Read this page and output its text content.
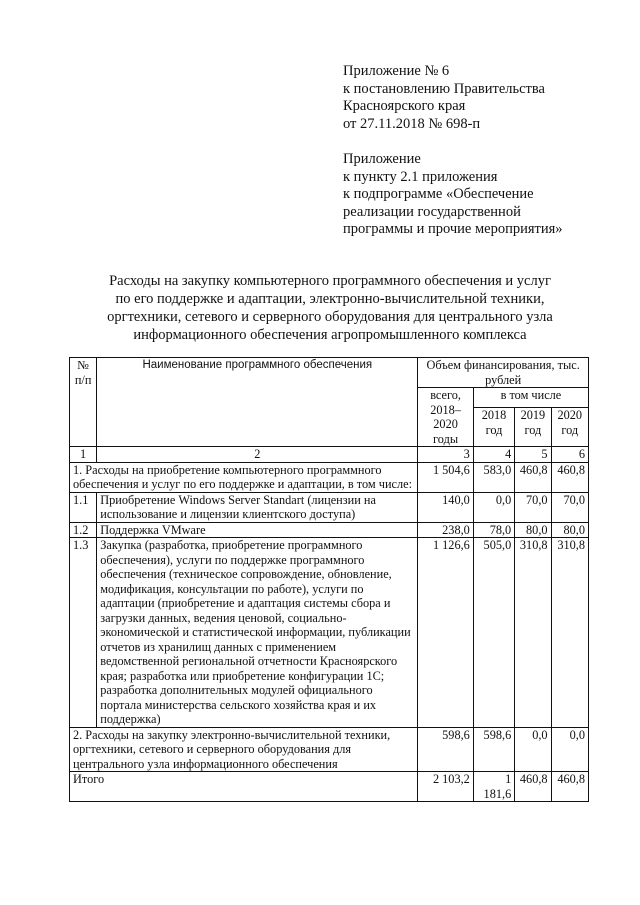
Приложение № 6
к постановлению Правительства
Красноярского края
от 27.11.2018 № 698-п
Приложение
к пункту 2.1 приложения
к подпрограмме «Обеспечение
реализации государственной
программы и прочие мероприятия»
Расходы на закупку компьютерного программного обеспечения и услуг
по его поддержке и адаптации, электронно-вычислительной техники,
оргтехники, сетевого и серверного оборудования для центрального узла
информационного обеспечения агропромышленного комплекса
№ п/п	Наименование программного обеспечения	Объем финансирования, тыс. рублей			
		всего, 2018–2020 годы	в том числе		
			2018 год	2019 год	2020 год
1	2	3	4	5	6
1. Расходы на приобретение компьютерного программного обеспечения и услуг по его поддержке и адаптации, в том числе:		1 504,6	583,0	460,8	460,8
1.1	Приобретение Windows Server Standart (лицензии на использование и лицензии клиентского доступа)	140,0	0,0	70,0	70,0
1.2	Поддержка VMware	238,0	78,0	80,0	80,0
1.3	Закупка (разработка, приобретение программного обеспечения), услуги по поддержке программного обеспечения (техническое сопровождение, обновление, модификация, консультации по работе), услуги по адаптации (приобретение и адаптация системы сбора и загрузки данных, ведения ценовой, социально-экономической и статистической информации, публикации отчетов из хранилищ данных с применением ведомственной региональной отчетности Красноярского края; разработка или приобретение конфигурации 1С; разработка дополнительных модулей официального портала министерства сельского хозяйства края и их поддержка)	1 126,6	505,0	310,8	310,8
2. Расходы на закупку электронно-вычислительной техники, оргтехники, сетевого и серверного оборудования для центрального узла информационного обеспечения		598,6	598,6	0,0	0,0
Итого		2 103,2	1 181,6	460,8	460,8
